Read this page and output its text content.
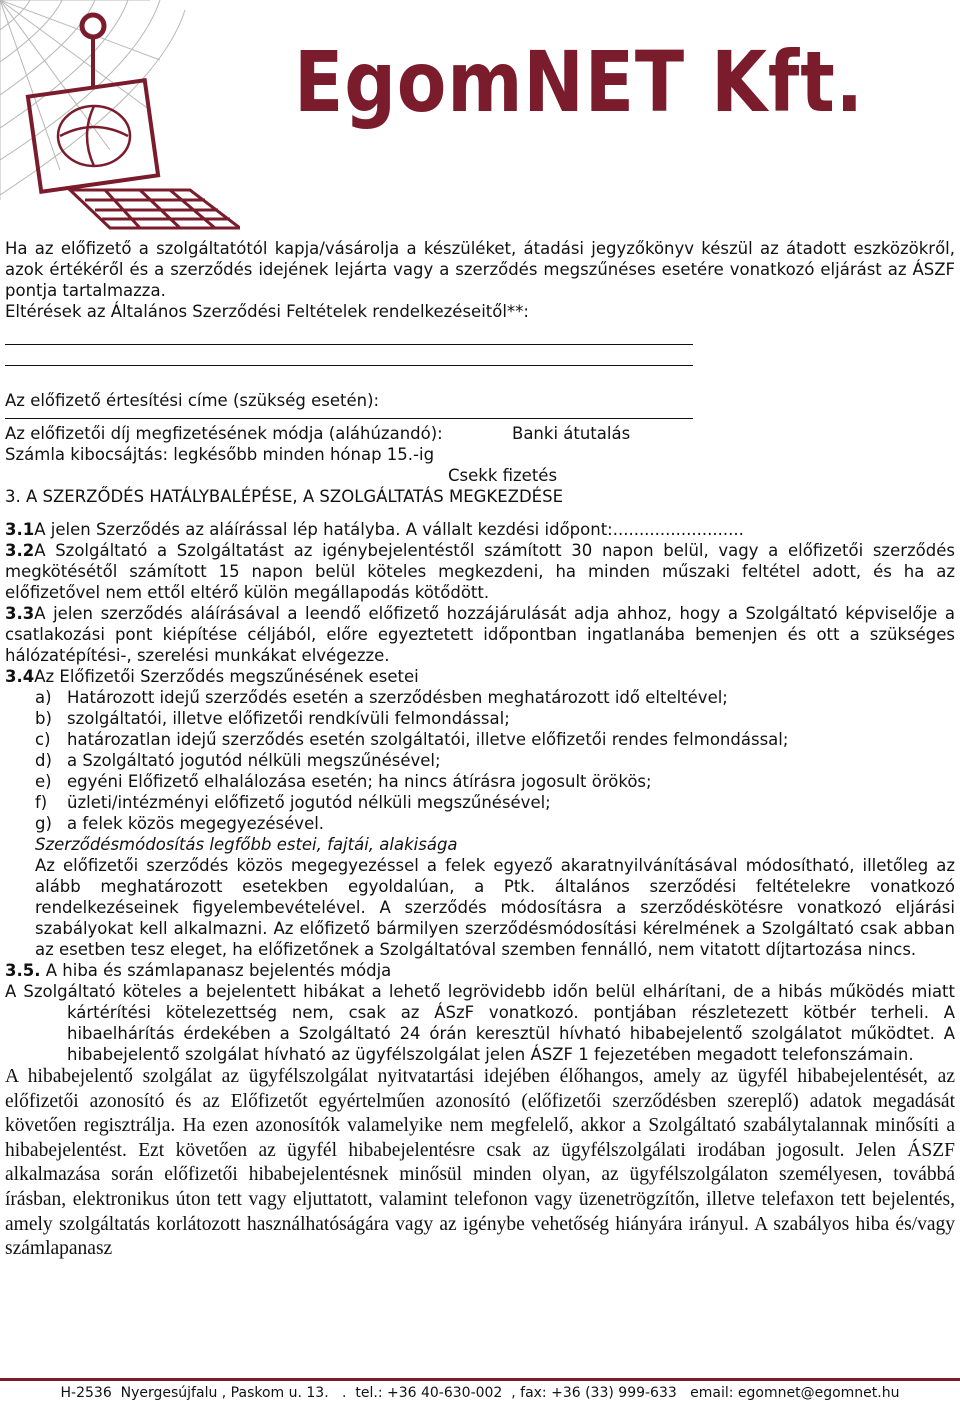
EgomNET Kft.

Ha az előfizető a szolgáltatótól kapja/vásárolja a készüléket, átadási jegyzőkönyv készül az átadott eszközökről, azok értékéről és a szerződés idejének lejárta vagy a szerződés megszűnéses esetére vonatkozó eljárást az ÁSZF pontja tartalmazza.

Eltérések az Általános Szerződési Feltételek rendelkezéseitől**:

Az előfizető értesítési címe (szükség esetén):

Az előfizetői díj megfizetésének módja (aláhúzandó):	Banki átutalás

Számla kibocsájtás: legkésőbb minden hónap 15.-ig

Csekk fizetés

3. A SZERZŐDÉS HATÁLYBALÉPÉSE, A SZOLGÁLTATÁS MEGKEZDÉSE

3.1A jelen Szerződés az aláírással lép hatályba. A vállalt kezdési időpont:.........................

3.2A Szolgáltató a Szolgáltatást az igénybejelentéstől számított 30 napon belül, vagy a előfizetői szerződés megkötésétől számított 15 napon belül köteles megkezdeni, ha minden műszaki feltétel adott, és ha az előfizetővel nem ettől eltérő külön megállapodás kötődött.

3.3A jelen szerződés aláírásával a leendő előfizető hozzájárulását adja ahhoz, hogy a Szolgáltató képviselője a csatlakozási pont kiépítése céljából, előre egyeztetett időpontban ingatlanába bemenjen és ott a szükséges hálózatépítési-, szerelési munkákat elvégezze.

3.4Az Előfizetői Szerződés megszűnésének esetei

a) Határozott idejű szerződés esetén a szerződésben meghatározott idő elteltével;
b) szolgáltatói, illetve előfizetői rendkívüli felmondással;
c) határozatlan idejű szerződés esetén szolgáltatói, illetve előfizetői rendes felmondással;
d) a Szolgáltató jogutód nélküli megszűnésével;
e) egyéni Előfizető elhalálozása esetén; ha nincs átírásra jogosult örökös;
f) üzleti/intézményi előfizető jogutód nélküli megszűnésével;
g) a felek közös megegyezésével.

Szerződésmódosítás legfőbb estei, fajtái, alakisága

Az előfizetői szerződés közös megegyezéssel a felek egyező akaratnyilvánításával módosítható, illetőleg az alább meghatározott esetekben egyoldalúan, a Ptk. általános szerződési feltételekre vonatkozó rendelkezéseinek figyelembevételével. A szerződés módosításra a szerződéskötésre vonatkozó eljárási szabályokat kell alkalmazni. Az előfizető bármilyen szerződésmódosítási kérelmének a Szolgáltató csak abban az esetben tesz eleget, ha előfizetőnek a Szolgáltatóval szemben fennálló, nem vitatott díjtartozása nincs.

3.5. A hiba és számlapanasz bejelentés módja

A Szolgáltató köteles a bejelentett hibákat a lehető legrövidebb időn belül elhárítani, de a hibás működés miatt kártérítési kötelezettség nem, csak az ÁSzF vonatkozó. pontjában részletezett kötbér terheli. A hibaelhárítás érdekében a Szolgáltató 24 órán keresztül hívható hibabejelentő szolgálatot működtet. A hibabejelentő szolgálat hívható az ügyfélszolgálat jelen ÁSZF 1 fejezetében megadott telefonszámain.

A hibabejelentő szolgálat az ügyfélszolgálat nyitvatartási idejében élőhangos, amely az ügyfél hibabejelentését, az előfizetői azonosító és az Előfizetőt egyértelműen azonosító (előfizetői szerződésben szereplő) adatok megadását követően regisztrálja. Ha ezen azonosítók valamelyike nem megfelelő, akkor a Szolgáltató szabálytalannak minősíti a hibabejelentést. Ezt követően az ügyfél hibabejelentésre csak az ügyfélszolgálati irodában jogosult. Jelen ÁSZF alkalmazása során előfizetői hibabejelentésnek minősül minden olyan, az ügyfélszolgálaton személyesen, továbbá írásban, elektronikus úton tett vagy eljuttatott, valamint telefonon vagy üzenetrögzítőn, illetve telefaxon tett bejelentés, amely szolgáltatás korlátozott használhatóságára vagy az igénybe vehetőség hiányára irányul. A szabályos hiba és/vagy számlapanasz

H-2536  Nyergesújfalu , Paskom u. 13.   .  tel.: +36 40-630-002  , fax: +36 (33) 999-633   email: egomnet@egomnet.hu
